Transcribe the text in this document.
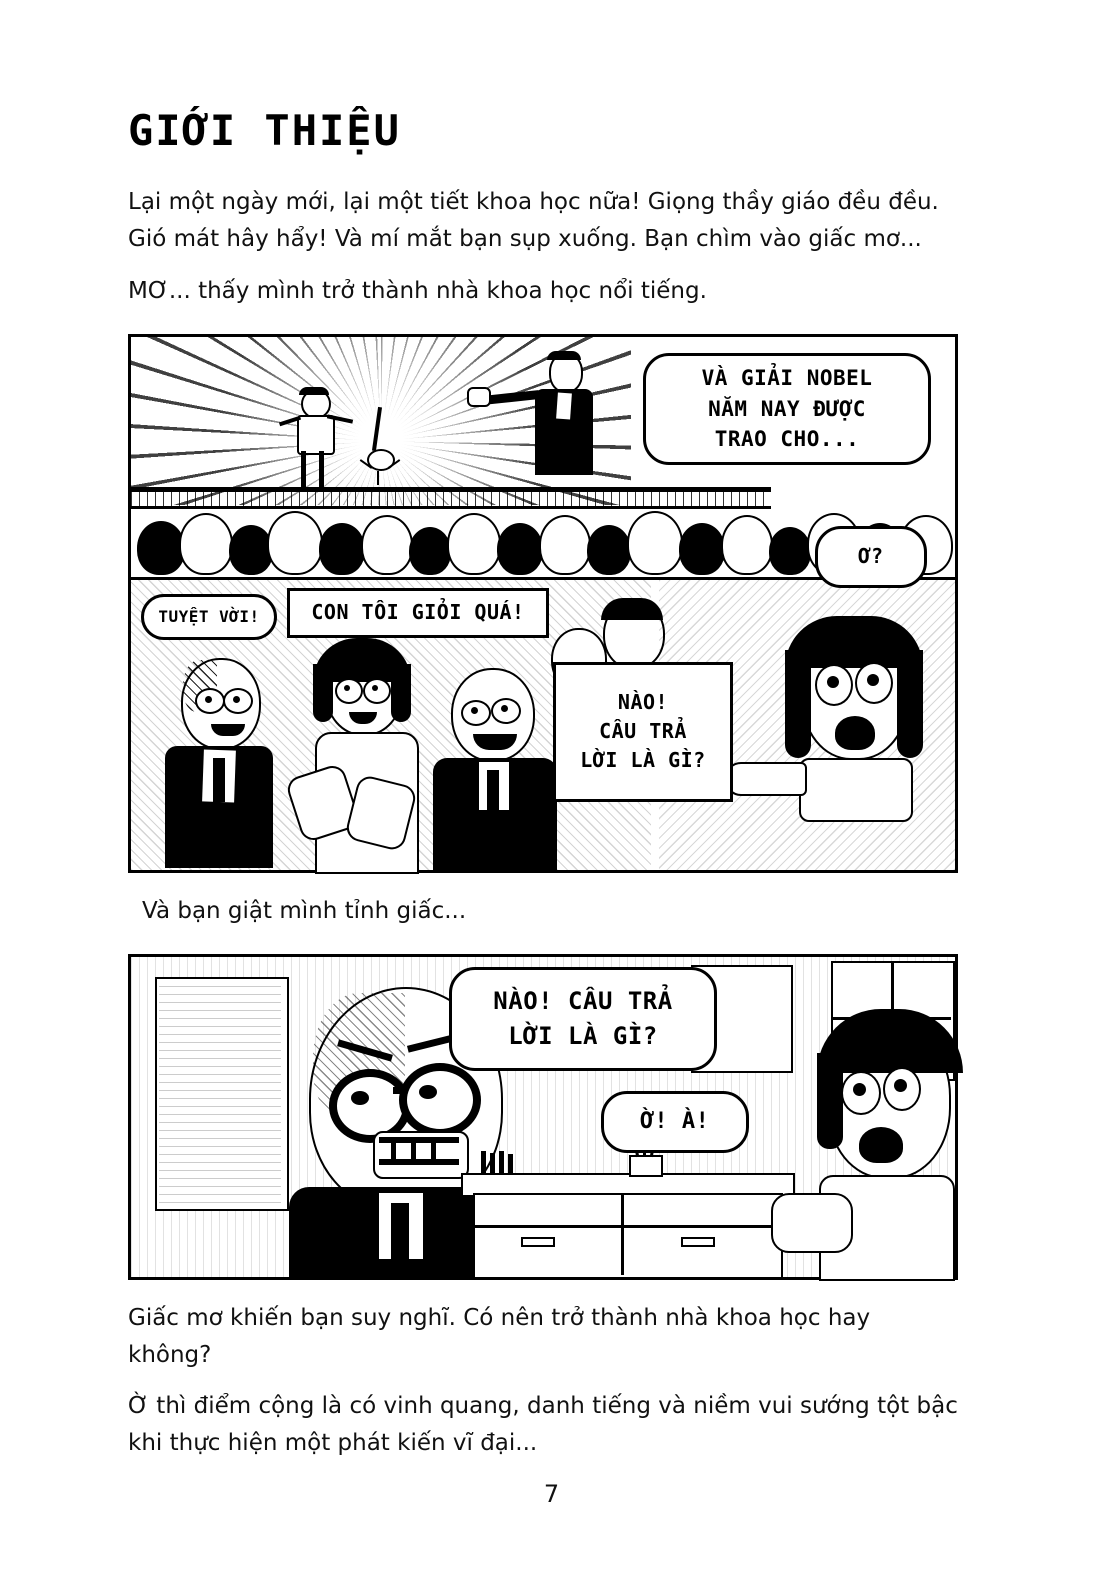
GIỚI THIỆU

Lại một ngày mới, lại một tiết khoa học nữa! Giọng thầy giáo đều đều. Gió mát hây hẩy! Và mí mắt bạn sụp xuống. Bạn chìm vào giấc mơ...

MƠ... thấy mình trở thành nhà khoa học nổi tiếng.

VÀ GIẢI NOBEL
NĂM NAY ĐƯỢC
TRAO CHO...
TUYỆT VỜI!	CON TÔI GIỎI QUÁ!
NÀO!
CÂU TRẢ
LỜI LÀ GÌ?
Ơ?

Và bạn giật mình tỉnh giấc...

NÀO! CÂU TRẢ
LỜI LÀ GÌ?
Ờ! À!

Giấc mơ khiến bạn suy nghĩ. Có nên trở thành nhà khoa học hay không?

Ờ thì điểm cộng là có vinh quang, danh tiếng và niềm vui sướng tột bậc khi thực hiện một phát kiến vĩ đại...

7
